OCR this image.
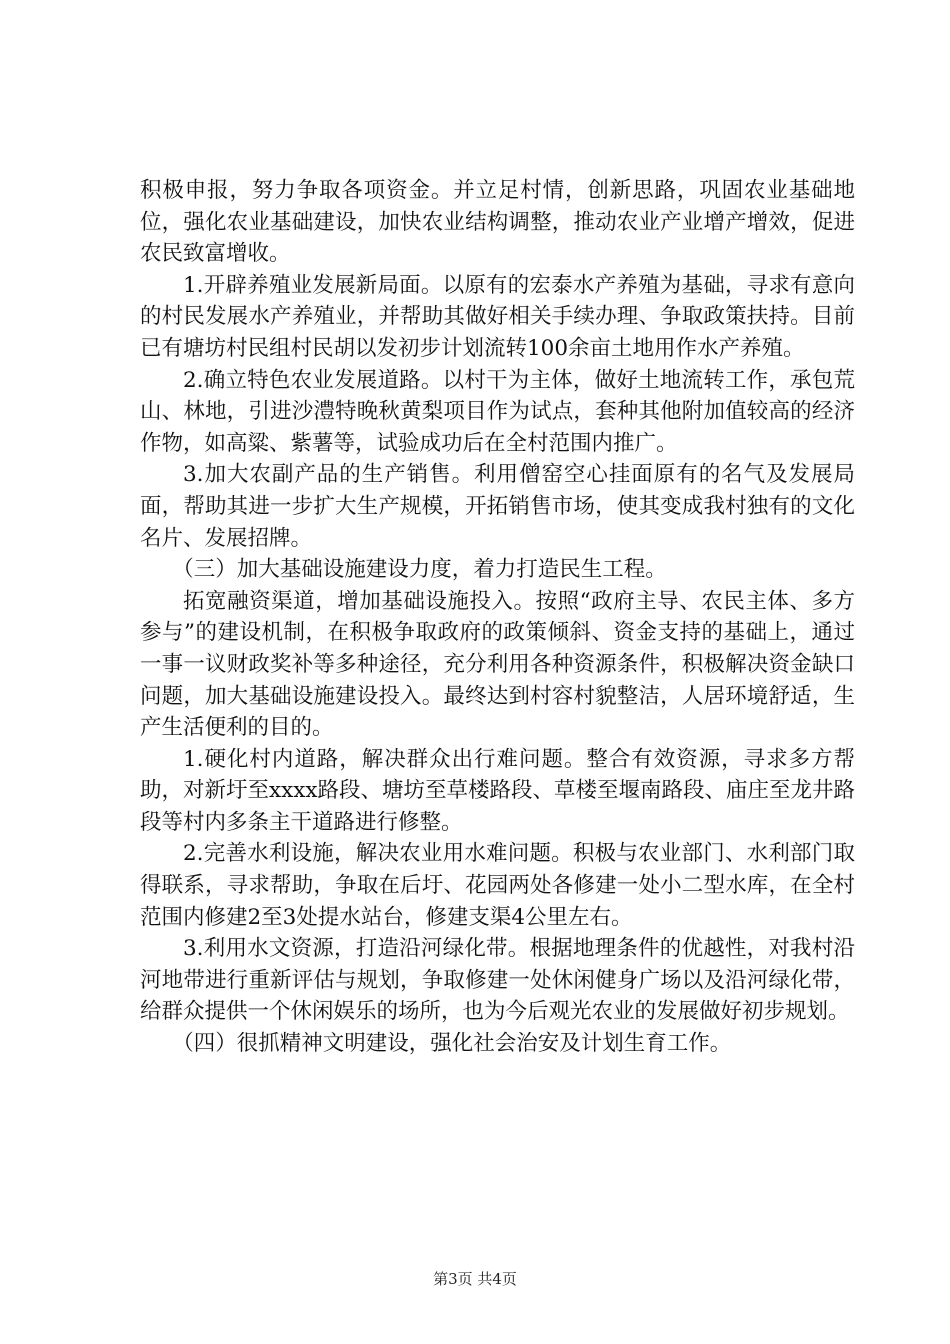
积极申报，努力争取各项资金。并立足村情，创新思路，巩固农业基础地位，强化农业基础建设，加快农业结构调整，推动农业产业增产增效，促进农民致富增收。

1.开辟养殖业发展新局面。以原有的宏泰水产养殖为基础，寻求有意向的村民发展水产养殖业，并帮助其做好相关手续办理、争取政策扶持。目前已有塘坊村民组村民胡以发初步计划流转100余亩土地用作水产养殖。

2.确立特色农业发展道路。以村干为主体，做好土地流转工作，承包荒山、林地，引进沙澧特晚秋黄梨项目作为试点，套种其他附加值较高的经济作物，如高粱、紫薯等，试验成功后在全村范围内推广。

3.加大农副产品的生产销售。利用僧窑空心挂面原有的名气及发展局面，帮助其进一步扩大生产规模，开拓销售市场，使其变成我村独有的文化名片、发展招牌。

（三）加大基础设施建设力度，着力打造民生工程。

拓宽融资渠道，增加基础设施投入。按照“政府主导、农民主体、多方参与”的建设机制，在积极争取政府的政策倾斜、资金支持的基础上，通过一事一议财政奖补等多种途径，充分利用各种资源条件，积极解决资金缺口问题，加大基础设施建设投入。最终达到村容村貌整洁，人居环境舒适，生产生活便利的目的。

1.硬化村内道路，解决群众出行难问题。整合有效资源，寻求多方帮助，对新圩至xxxx路段、塘坊至草楼路段、草楼至堰南路段、庙庄至龙井路段等村内多条主干道路进行修整。

2.完善水利设施，解决农业用水难问题。积极与农业部门、水利部门取得联系，寻求帮助，争取在后圩、花园两处各修建一处小二型水库，在全村范围内修建2至3处提水站台，修建支渠4公里左右。

3.利用水文资源，打造沿河绿化带。根据地理条件的优越性，对我村沿河地带进行重新评估与规划，争取修建一处休闲健身广场以及沿河绿化带，给群众提供一个休闲娱乐的场所，也为今后观光农业的发展做好初步规划。

（四）很抓精神文明建设，强化社会治安及计划生育工作。

第3页 共4页
